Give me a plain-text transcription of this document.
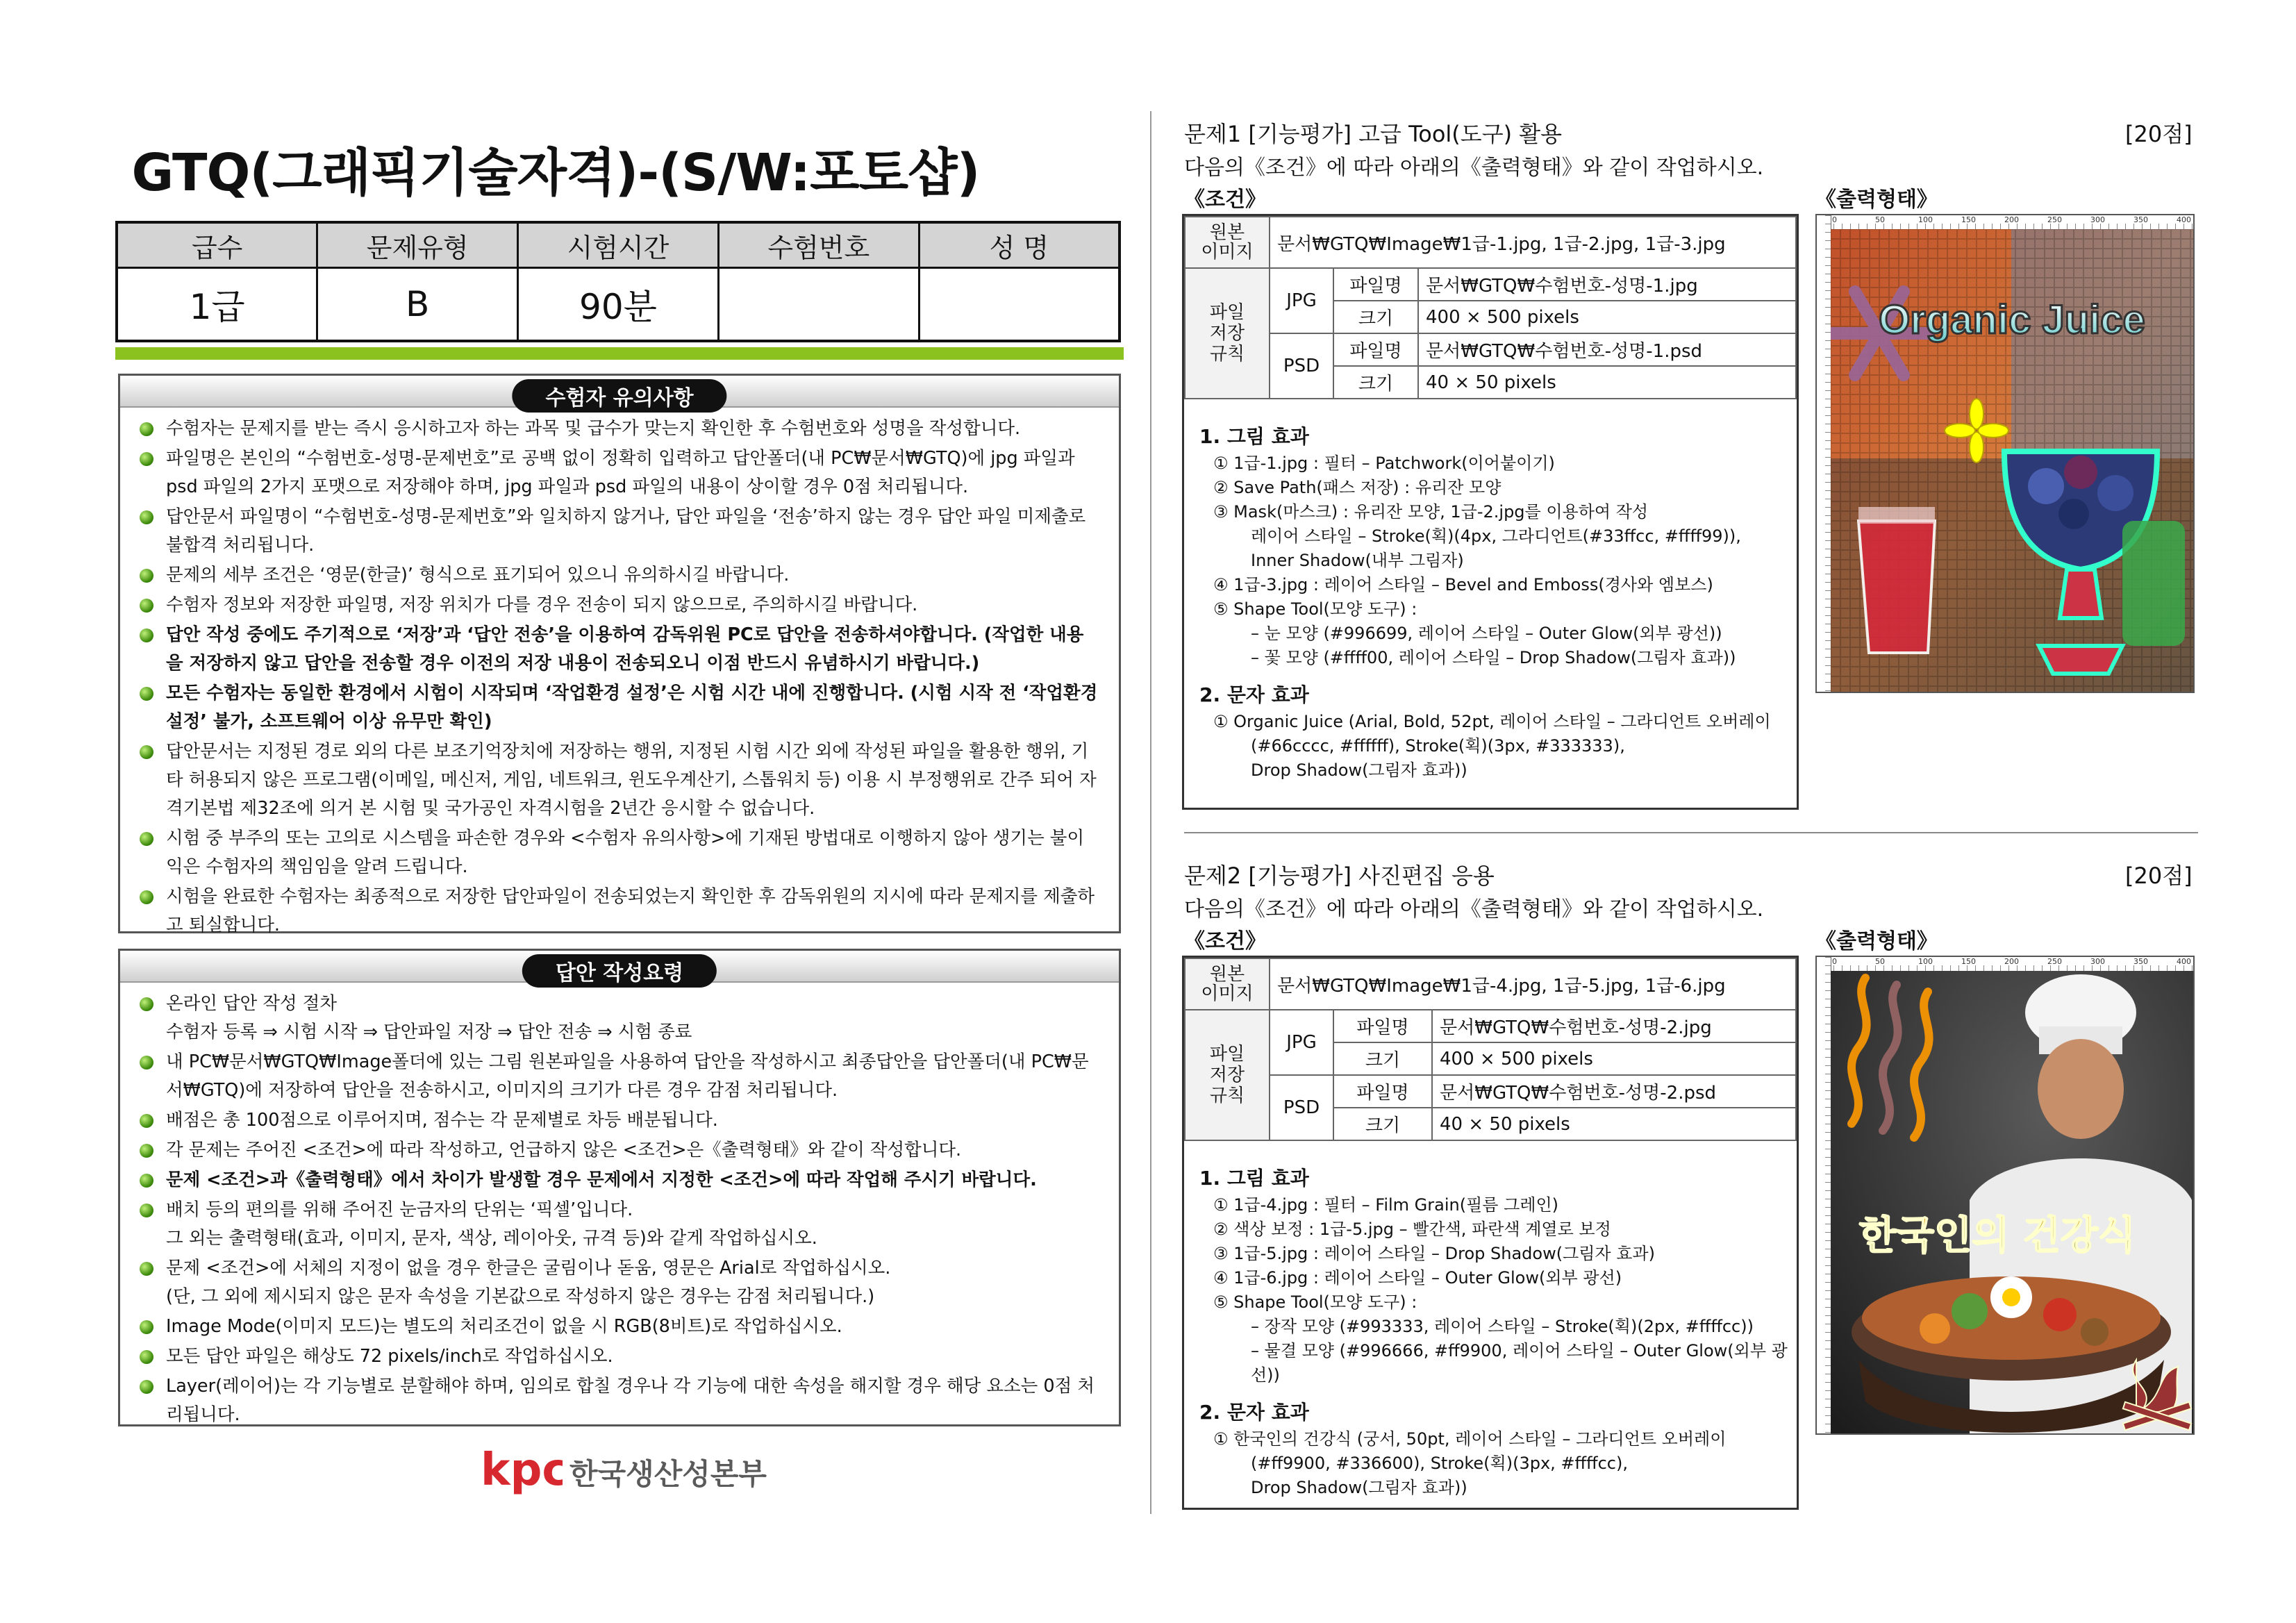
GTQ(그래픽기술자격)-(S/W:포토샵)
급수	문제유형	시험시간	수험번호	성 명
1급	B	90분		
수험자 유의사항
수험자는 문제지를 받는 즉시 응시하고자 하는 과목 및 급수가 맞는지 확인한 후 수험번호와 성명을 작성합니다.
파일명은 본인의 “수험번호-성명-문제번호”로 공백 없이 정확히 입력하고 답안폴더(내 PC₩문서₩GTQ)에 jpg 파일과 psd 파일의 2가지 포맷으로 저장해야 하며, jpg 파일과 psd 파일의 내용이 상이할 경우 0점 처리됩니다.
답안문서 파일명이 “수험번호-성명-문제번호”와 일치하지 않거나, 답안 파일을 ‘전송’하지 않는 경우 답안 파일 미제출로 불합격 처리됩니다.
문제의 세부 조건은 ‘영문(한글)’ 형식으로 표기되어 있으니 유의하시길 바랍니다.
수험자 정보와 저장한 파일명, 저장 위치가 다를 경우 전송이 되지 않으므로, 주의하시길 바랍니다.
답안 작성 중에도 주기적으로 ‘저장’과 ‘답안 전송’을 이용하여 감독위원 PC로 답안을 전송하셔야합니다. (작업한 내용을 저장하지 않고 답안을 전송할 경우 이전의 저장 내용이 전송되오니 이점 반드시 유념하시기 바랍니다.)
모든 수험자는 동일한 환경에서 시험이 시작되며 ‘작업환경 설정’은 시험 시간 내에 진행합니다. (시험 시작 전 ‘작업환경 설정’ 불가, 소프트웨어 이상 유무만 확인)
답안문서는 지정된 경로 외의 다른 보조기억장치에 저장하는 행위, 지정된 시험 시간 외에 작성된 파일을 활용한 행위, 기타 허용되지 않은 프로그램(이메일, 메신저, 게임, 네트워크, 윈도우계산기, 스톱워치 등) 이용 시 부정행위로 간주 되어 자격기본법 제32조에 의거 본 시험 및 국가공인 자격시험을 2년간 응시할 수 없습니다.
시험 중 부주의 또는 고의로 시스템을 파손한 경우와 <수험자 유의사항>에 기재된 방법대로 이행하지 않아 생기는 불이익은 수험자의 책임임을 알려 드립니다.
시험을 완료한 수험자는 최종적으로 저장한 답안파일이 전송되었는지 확인한 후 감독위원의 지시에 따라 문제지를 제출하고 퇴실합니다.
답안 작성요령
온라인 답안 작성 절차
수험자 등록 ⇒ 시험 시작 ⇒ 답안파일 저장 ⇒ 답안 전송 ⇒ 시험 종료
내 PC₩문서₩GTQ₩Image폴더에 있는 그림 원본파일을 사용하여 답안을 작성하시고 최종답안을 답안폴더(내 PC₩문서₩GTQ)에 저장하여 답안을 전송하시고, 이미지의 크기가 다른 경우 감점 처리됩니다.
배점은 총 100점으로 이루어지며, 점수는 각 문제별로 차등 배분됩니다.
각 문제는 주어진 <조건>에 따라 작성하고, 언급하지 않은 <조건>은《출력형태》와 같이 작성합니다.
문제 <조건>과《출력형태》에서 차이가 발생할 경우 문제에서 지정한 <조건>에 따라 작업해 주시기 바랍니다.
배치 등의 편의를 위해 주어진 눈금자의 단위는 ‘픽셀’입니다.
그 외는 출력형태(효과, 이미지, 문자, 색상, 레이아웃, 규격 등)와 같게 작업하십시오.
문제 <조건>에 서체의 지정이 없을 경우 한글은 굴림이나 돋움, 영문은 Arial로 작업하십시오.
(단, 그 외에 제시되지 않은 문자 속성을 기본값으로 작성하지 않은 경우는 감점 처리됩니다.)
Image Mode(이미지 모드)는 별도의 처리조건이 없을 시 RGB(8비트)로 작업하십시오.
모든 답안 파일은 해상도 72 pixels/inch로 작업하십시오.
Layer(레이어)는 각 기능별로 분할해야 하며, 임의로 합칠 경우나 각 기능에 대한 속성을 해지할 경우 해당 요소는 0점 처리됩니다.
kpc 한국생산성본부
문제1 [기능평가] 고급 Tool(도구) 활용	[20점]
다음의《조건》에 따라 아래의《출력형태》와 같이 작업하시오.
《조건》	《출력형태》
원본
이미지	문서₩GTQ₩Image₩1급-1.jpg, 1급-2.jpg, 1급-3.jpg		
파일
저장
규칙	JPG	파일명	문서₩GTQ₩수험번호-성명-1.jpg
		크기	400 × 500 pixels
	PSD	파일명	문서₩GTQ₩수험번호-성명-1.psd
		크기	40 × 50 pixels
1. 그림 효과
① 1급-1.jpg : 필터 – Patchwork(이어붙이기)
② Save Path(패스 저장) : 유리잔 모양
③ Mask(마스크) : 유리잔 모양, 1급-2.jpg를 이용하여 작성
레이어 스타일 – Stroke(획)(4px, 그라디언트(#33ffcc, #ffff99)),
Inner Shadow(내부 그림자)
④ 1급-3.jpg : 레이어 스타일 – Bevel and Emboss(경사와 엠보스)
⑤ Shape Tool(모양 도구) :
– 눈 모양 (#996699, 레이어 스타일 – Outer Glow(외부 광선))
– 꽃 모양 (#ffff00, 레이어 스타일 – Drop Shadow(그림자 효과))
2. 문자 효과
① Organic Juice (Arial, Bold, 52pt, 레이어 스타일 – 그라디언트 오버레이
(#66cccc, #ffffff), Stroke(획)(3px, #333333),
Drop Shadow(그림자 효과))
0	50	100	150	200	250	300	350	400
Organic Juice
문제2 [기능평가] 사진편집 응용	[20점]
다음의《조건》에 따라 아래의《출력형태》와 같이 작업하시오.
《조건》	《출력형태》
원본
이미지	문서₩GTQ₩Image₩1급-4.jpg, 1급-5.jpg, 1급-6.jpg		
파일
저장
규칙	JPG	파일명	문서₩GTQ₩수험번호-성명-2.jpg
		크기	400 × 500 pixels
	PSD	파일명	문서₩GTQ₩수험번호-성명-2.psd
		크기	40 × 50 pixels
1. 그림 효과
① 1급-4.jpg : 필터 – Film Grain(필름 그레인)
② 색상 보정 : 1급-5.jpg – 빨간색, 파란색 계열로 보정
③ 1급-5.jpg : 레이어 스타일 – Drop Shadow(그림자 효과)
④ 1급-6.jpg : 레이어 스타일 – Outer Glow(외부 광선)
⑤ Shape Tool(모양 도구) :
– 장작 모양 (#993333, 레이어 스타일 – Stroke(획)(2px, #ffffcc))
– 물결 모양 (#996666, #ff9900, 레이어 스타일 – Outer Glow(외부 광선))
2. 문자 효과
① 한국인의 건강식 (궁서, 50pt, 레이어 스타일 – 그라디언트 오버레이
(#ff9900, #336600), Stroke(획)(3px, #ffffcc),
Drop Shadow(그림자 효과))
0	50	100	150	200	250	300	350	400
한국인의 건강식
